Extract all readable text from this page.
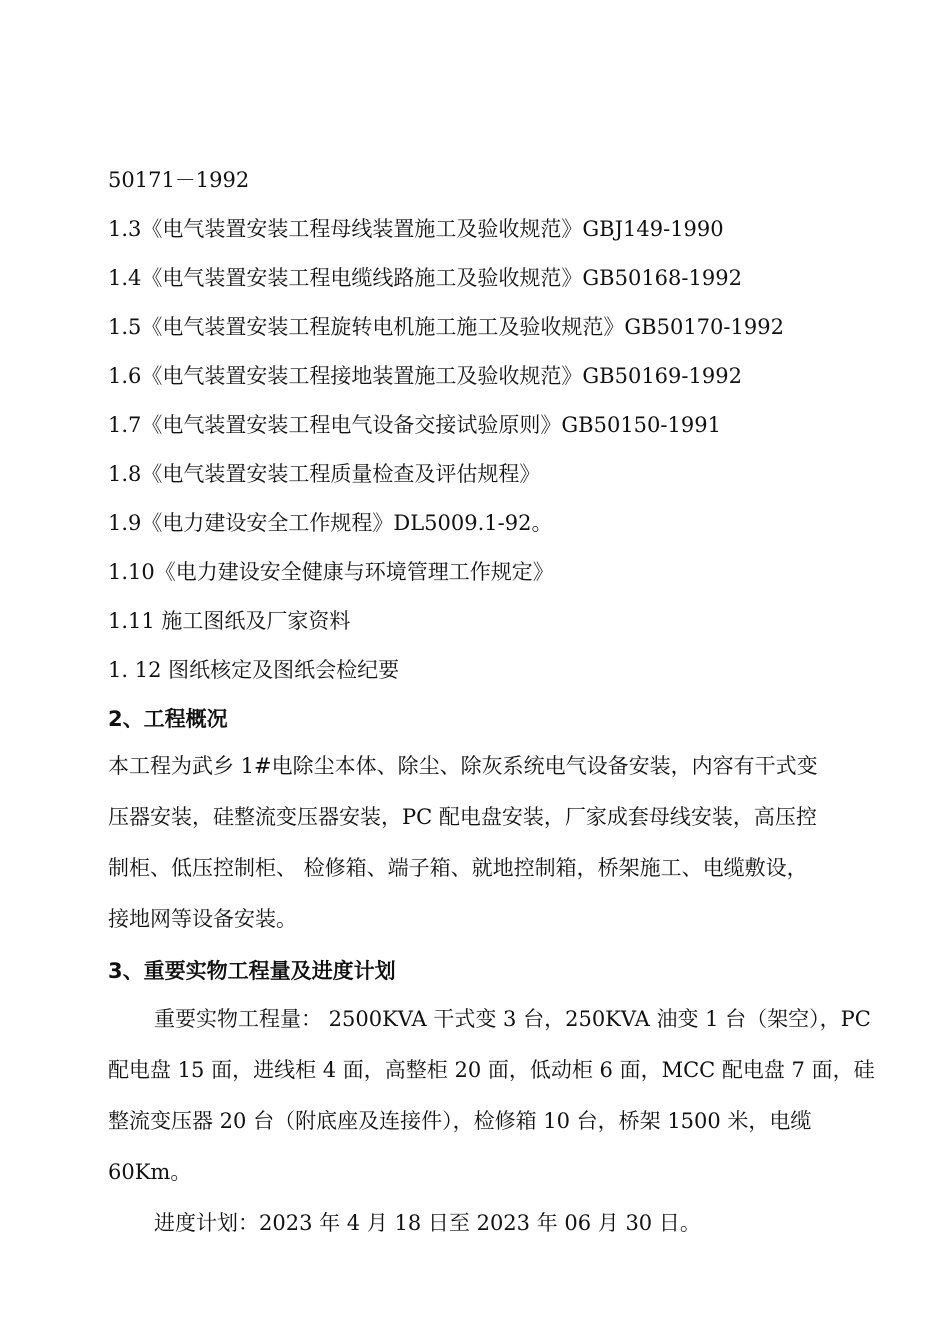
50171－1992
1.3《电气装置安装工程母线装置施工及验收规范》GBJ149-1990
1.4《电气装置安装工程电缆线路施工及验收规范》GB50168-1992
1.5《电气装置安装工程旋转电机施工施工及验收规范》GB50170-1992
1.6《电气装置安装工程接地装置施工及验收规范》GB50169-1992
1.7《电气装置安装工程电气设备交接试验原则》GB50150-1991
1.8《电气装置安装工程质量检查及评估规程》
1.9《电力建设安全工作规程》DL5009.1-92。
1.10《电力建设安全健康与环境管理工作规定》
1.11 施工图纸及厂家资料
1. 12 图纸核定及图纸会检纪要
2、工程概况
本工程为武乡 1#电除尘本体、除尘、除灰系统电气设备安装，内容有干式变
压器安装，硅整流变压器安装，PC 配电盘安装，厂家成套母线安装，高压控
制柜、低压控制柜、 检修箱、端子箱、就地控制箱，桥架施工、电缆敷设，
接地网等设备安装。
3、重要实物工程量及进度计划
重要实物工程量： 2500KVA 干式变 3 台，250KVA 油变 1 台（架空），PC
配电盘 15 面，进线柜 4 面，高整柜 20 面，低动柜 6 面，MCC 配电盘 7 面，硅
整流变压器 20 台（附底座及连接件），检修箱 10 台，桥架 1500 米，电缆
60Km。
进度计划：2023 年 4 月 18 日至 2023 年 06 月 30 日。
